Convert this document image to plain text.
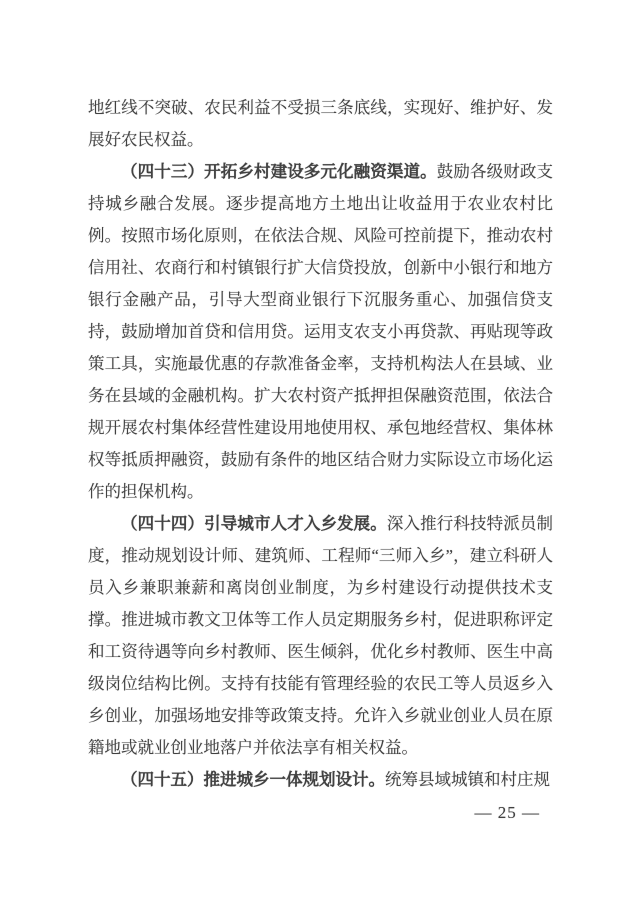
地红线不突破、农民利益不受损三条底线，实现好、维护好、发展好农民权益。

（四十三）开拓乡村建设多元化融资渠道。鼓励各级财政支持城乡融合发展。逐步提高地方土地出让收益用于农业农村比例。按照市场化原则，在依法合规、风险可控前提下，推动农村信用社、农商行和村镇银行扩大信贷投放，创新中小银行和地方银行金融产品，引导大型商业银行下沉服务重心、加强信贷支持，鼓励增加首贷和信用贷。运用支农支小再贷款、再贴现等政策工具，实施最优惠的存款准备金率，支持机构法人在县域、业务在县域的金融机构。扩大农村资产抵押担保融资范围，依法合规开展农村集体经营性建设用地使用权、承包地经营权、集体林权等抵质押融资，鼓励有条件的地区结合财力实际设立市场化运作的担保机构。

（四十四）引导城市人才入乡发展。深入推行科技特派员制度，推动规划设计师、建筑师、工程师“三师入乡”，建立科研人员入乡兼职兼薪和离岗创业制度，为乡村建设行动提供技术支撑。推进城市教文卫体等工作人员定期服务乡村，促进职称评定和工资待遇等向乡村教师、医生倾斜，优化乡村教师、医生中高级岗位结构比例。支持有技能有管理经验的农民工等人员返乡入乡创业，加强场地安排等政策支持。允许入乡就业创业人员在原籍地或就业创业地落户并依法享有相关权益。

（四十五）推进城乡一体规划设计。统筹县域城镇和村庄规

— 25 —
